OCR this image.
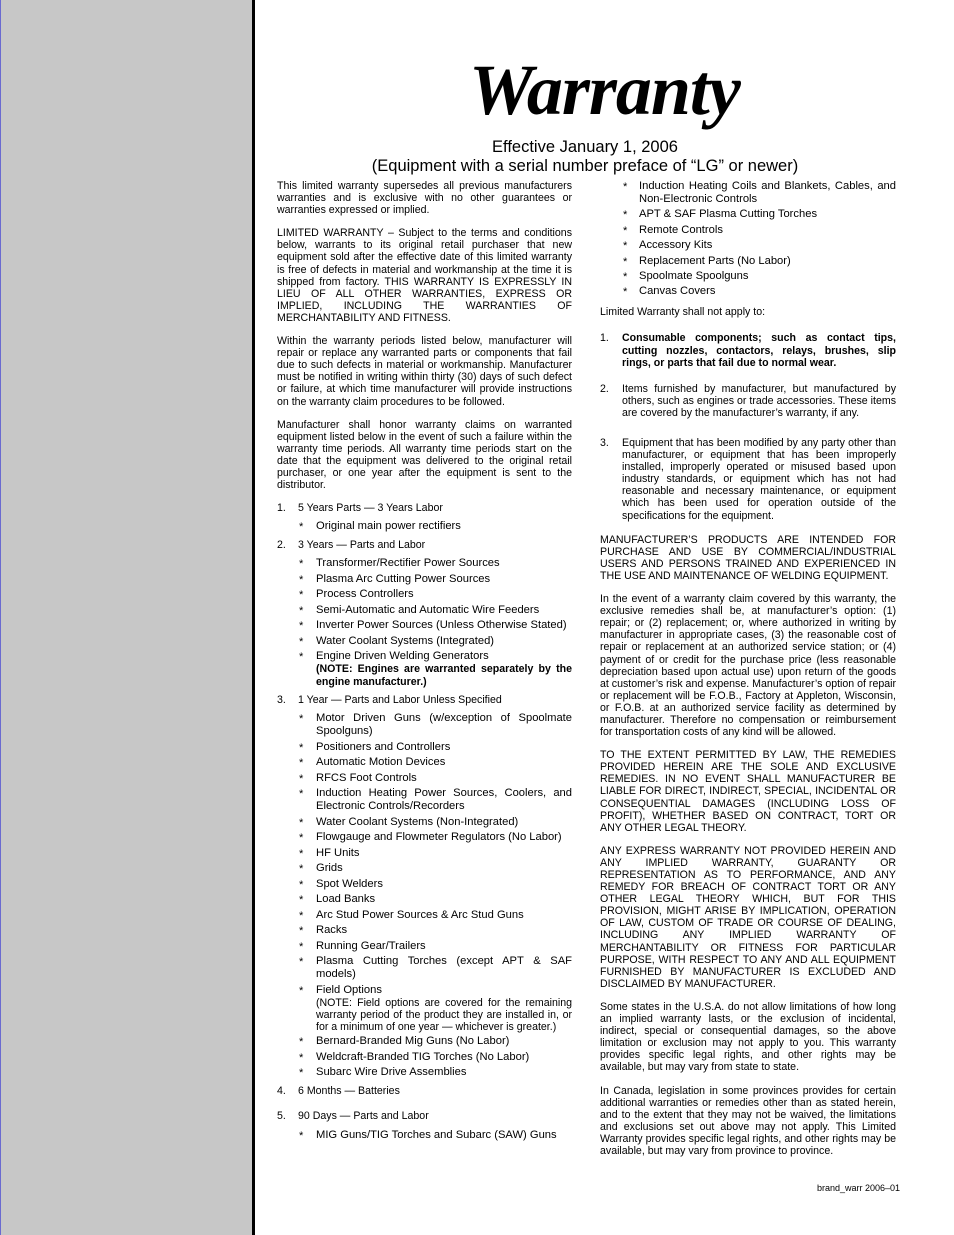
Warranty
Effective January 1, 2006
(Equipment with a serial number preface of “LG” or newer)

This limited warranty supersedes all previous manufacturers warranties and is exclusive with no other guarantees or warranties expressed or implied.

LIMITED WARRANTY – Subject to the terms and conditions below, warrants to its original retail purchaser that new equipment sold after the effective date of this limited warranty is free of defects in material and workmanship at the time it is shipped from factory. THIS WARRANTY IS EXPRESSLY IN LIEU OF ALL OTHER WARRANTIES, EXPRESS OR IMPLIED, INCLUDING THE WARRANTIES OF MERCHANTABILITY AND FITNESS.

Within the warranty periods listed below, manufacturer will repair or replace any warranted parts or components that fail due to such defects in material or workmanship. Manufacturer must be notified in writing within thirty (30) days of such defect or failure, at which time manufacturer will provide instructions on the warranty claim procedures to be followed.

Manufacturer shall honor warranty claims on warranted equipment listed below in the event of such a failure within the warranty time periods. All warranty time periods start on the date that the equipment was delivered to the original retail purchaser, or one year after the equipment is sent to the distributor.

1. 5 Years Parts — 3 Years Labor
* Original main power rectifiers
2. 3 Years — Parts and Labor
* Transformer/Rectifier Power Sources
* Plasma Arc Cutting Power Sources
* Process Controllers
* Semi-Automatic and Automatic Wire Feeders
* Inverter Power Sources (Unless Otherwise Stated)
* Water Coolant Systems (Integrated)
* Engine Driven Welding Generators
(NOTE: Engines are warranted separately by the engine manufacturer.)
3. 1 Year — Parts and Labor Unless Specified
* Motor Driven Guns (w/exception of Spoolmate Spoolguns)
* Positioners and Controllers
* Automatic Motion Devices
* RFCS Foot Controls
* Induction Heating Power Sources, Coolers, and Electronic Controls/Recorders
* Water Coolant Systems (Non-Integrated)
* Flowgauge and Flowmeter Regulators (No Labor)
* HF Units
* Grids
* Spot Welders
* Load Banks
* Arc Stud Power Sources & Arc Stud Guns
* Racks
* Running Gear/Trailers
* Plasma Cutting Torches (except APT & SAF models)
* Field Options
(NOTE: Field options are covered for the remaining warranty period of the product they are installed in, or for a minimum of one year — whichever is greater.)
* Bernard-Branded Mig Guns (No Labor)
* Weldcraft-Branded TIG Torches (No Labor)
* Subarc Wire Drive Assemblies
4. 6 Months — Batteries
5. 90 Days — Parts and Labor
* MIG Guns/TIG Torches and Subarc (SAW) Guns
* Induction Heating Coils and Blankets, Cables, and Non-Electronic Controls
* APT & SAF Plasma Cutting Torches
* Remote Controls
* Accessory Kits
* Replacement Parts (No Labor)
* Spoolmate Spoolguns
* Canvas Covers

Limited Warranty shall not apply to:

1. Consumable components; such as contact tips, cutting nozzles, contactors, relays, brushes, slip rings, or parts that fail due to normal wear.
2. Items furnished by manufacturer, but manufactured by others, such as engines or trade accessories. These items are covered by the manufacturer’s warranty, if any.
3. Equipment that has been modified by any party other than manufacturer, or equipment that has been improperly installed, improperly operated or misused based upon industry standards, or equipment which has not had reasonable and necessary maintenance, or equipment which has been used for operation outside of the specifications for the equipment.

MANUFACTURER’S PRODUCTS ARE INTENDED FOR PURCHASE AND USE BY COMMERCIAL/INDUSTRIAL USERS AND PERSONS TRAINED AND EXPERIENCED IN THE USE AND MAINTENANCE OF WELDING EQUIPMENT.

In the event of a warranty claim covered by this warranty, the exclusive remedies shall be, at manufacturer’s option: (1) repair; or (2) replacement; or, where authorized in writing by manufacturer in appropriate cases, (3) the reasonable cost of repair or replacement at an authorized service station; or (4) payment of or credit for the purchase price (less reasonable depreciation based upon actual use) upon return of the goods at customer’s risk and expense. Manufacturer’s option of repair or replacement will be F.O.B., Factory at Appleton, Wisconsin, or F.O.B. at an authorized service facility as determined by manufacturer. Therefore no compensation or reimbursement for transportation costs of any kind will be allowed.

TO THE EXTENT PERMITTED BY LAW, THE REMEDIES PROVIDED HEREIN ARE THE SOLE AND EXCLUSIVE REMEDIES. IN NO EVENT SHALL MANUFACTURER BE LIABLE FOR DIRECT, INDIRECT, SPECIAL, INCIDENTAL OR CONSEQUENTIAL DAMAGES (INCLUDING LOSS OF PROFIT), WHETHER BASED ON CONTRACT, TORT OR ANY OTHER LEGAL THEORY.

ANY EXPRESS WARRANTY NOT PROVIDED HEREIN AND ANY IMPLIED WARRANTY, GUARANTY OR REPRESENTATION AS TO PERFORMANCE, AND ANY REMEDY FOR BREACH OF CONTRACT TORT OR ANY OTHER LEGAL THEORY WHICH, BUT FOR THIS PROVISION, MIGHT ARISE BY IMPLICATION, OPERATION OF LAW, CUSTOM OF TRADE OR COURSE OF DEALING, INCLUDING ANY IMPLIED WARRANTY OF MERCHANTABILITY OR FITNESS FOR PARTICULAR PURPOSE, WITH RESPECT TO ANY AND ALL EQUIPMENT FURNISHED BY MANUFACTURER IS EXCLUDED AND DISCLAIMED BY MANUFACTURER.

Some states in the U.S.A. do not allow limitations of how long an implied warranty lasts, or the exclusion of incidental, indirect, special or consequential damages, so the above limitation or exclusion may not apply to you. This warranty provides specific legal rights, and other rights may be available, but may vary from state to state.

In Canada, legislation in some provinces provides for certain additional warranties or remedies other than as stated herein, and to the extent that they may not be waived, the limitations and exclusions set out above may not apply. This Limited Warranty provides specific legal rights, and other rights may be available, but may vary from province to province.

brand_warr 2006–01
